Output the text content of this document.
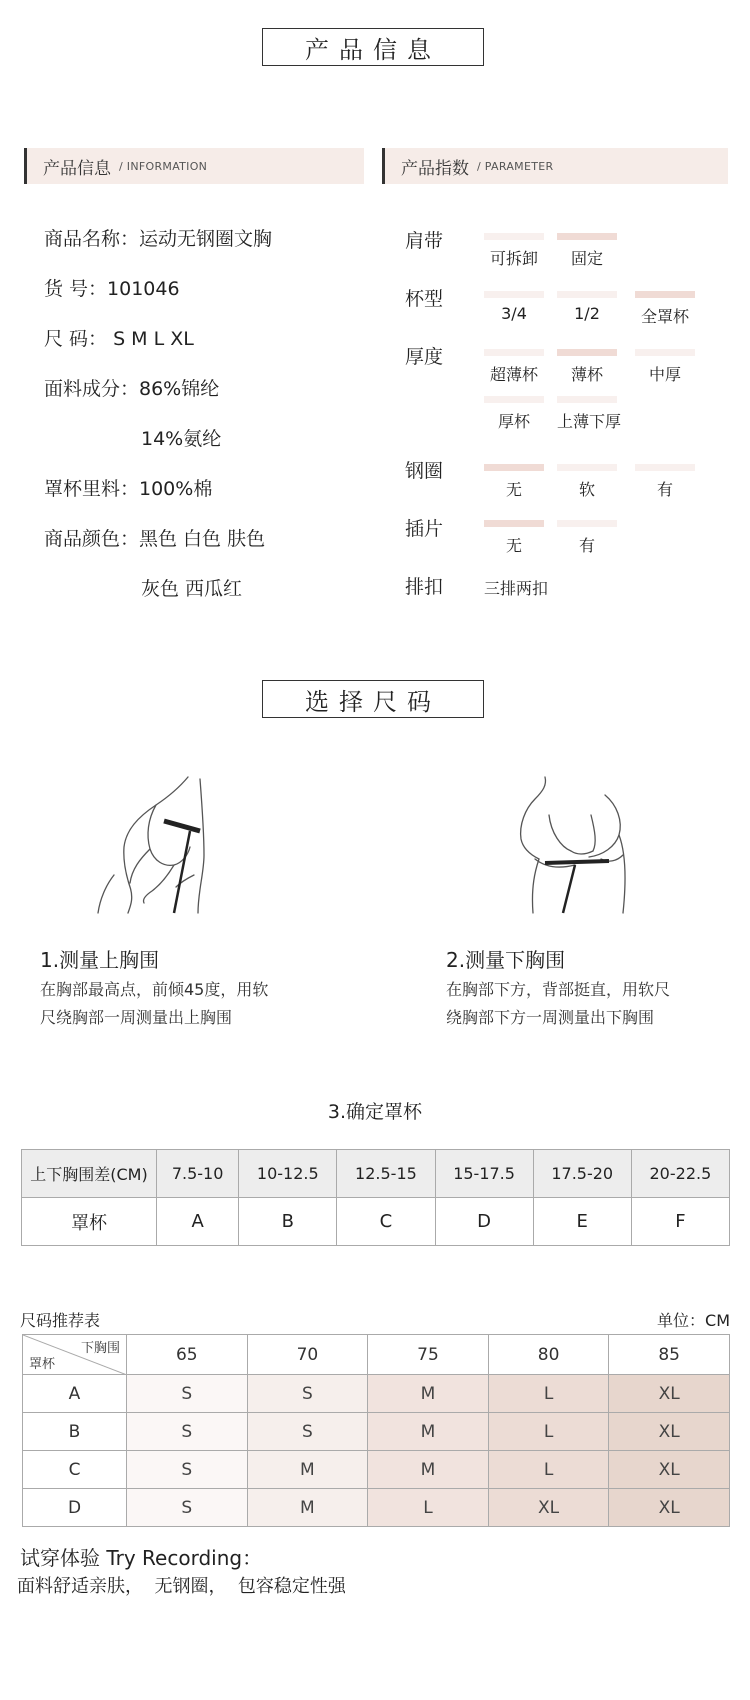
产品信息
产品信息 / INFORMATION	产品指数 / PARAMETER
商品名称：运动无钢圈文胸
货 号：101046
尺 码： S M L XL
面料成分：86%锦纶
14%氨纶
罩杯里料：100%棉
商品颜色：黑色 白色 肤色
灰色 西瓜红
肩带
可拆卸	固定
杯型
3/4	1/2	全罩杯
厚度
超薄杯	薄杯	中厚
厚杯	上薄下厚
钢圈
无	软	有
插片
无	有
排扣	三排两扣
选择尺码
1.测量上胸围
在胸部最高点，前倾45度，用软
尺绕胸部一周测量出上胸围
2.测量下胸围
在胸部下方，背部挺直，用软尺
绕胸部下方一周测量出下胸围
3.确定罩杯
上下胸围差(CM)	7.5-10	10-12.5	12.5-15	15-17.5	17.5-20	20-22.5
罩杯	A	B	C	D	E	F
尺码推荐表	单位：CM
下胸围
罩杯	65	70	75	80	85
A	S	S	M	L	XL
B	S	S	M	L	XL
C	S	M	M	L	XL
D	S	M	L	XL	XL
试穿体验 Try Recording：
面料舒适亲肤，  无钢圈，  包容稳定性强
